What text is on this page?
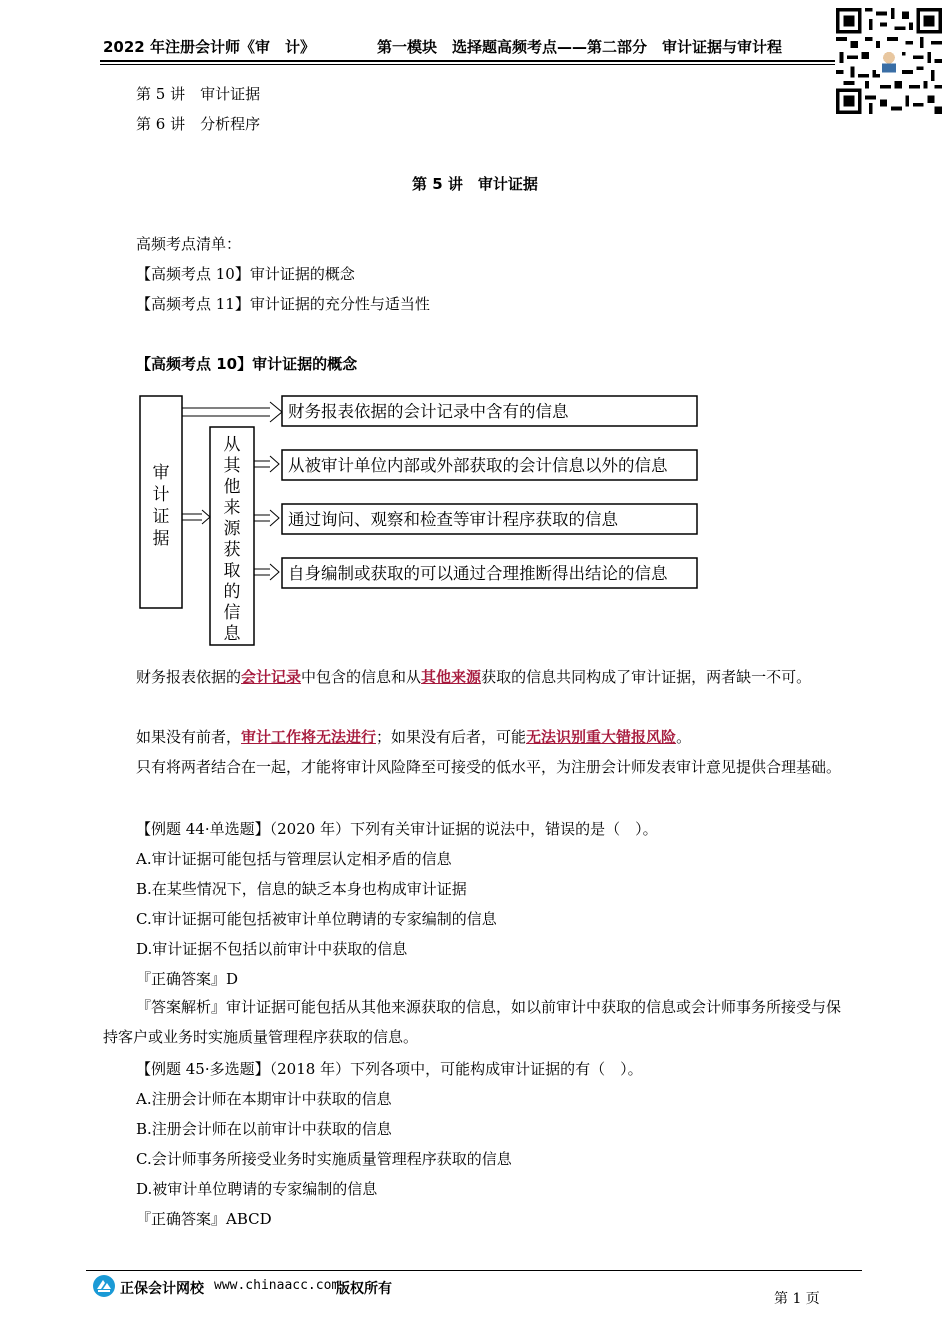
2022 年注册会计师《审　计》	第一模块　选择题高频考点——第二部分　审计证据与审计程
第 5 讲　审计证据
第 6 讲　分析程序
第 5 讲　审计证据
高频考点清单：
【高频考点 10】审计证据的概念
【高频考点 11】审计证据的充分性与适当性
【高频考点 10】审计证据的概念
审
计
证
据
从
其
他
来
源
获
取
的
信
息
财务报表依据的会计记录中含有的信息
从被审计单位内部或外部获取的会计信息以外的信息
通过询问、观察和检查等审计程序获取的信息
自身编制或获取的可以通过合理推断得出结论的信息
财务报表依据的会计记录中包含的信息和从其他来源获取的信息共同构成了审计证据，两者缺一不可。
如果没有前者，审计工作将无法进行；如果没有后者，可能无法识别重大错报风险。
只有将两者结合在一起，才能将审计风险降至可接受的低水平，为注册会计师发表审计意见提供合理基础。
【例题 44·单选题】（2020 年）下列有关审计证据的说法中，错误的是（　）。
A.审计证据可能包括与管理层认定相矛盾的信息
B.在某些情况下，信息的缺乏本身也构成审计证据
C.审计证据可能包括被审计单位聘请的专家编制的信息
D.审计证据不包括以前审计中获取的信息
『正确答案』D
『答案解析』审计证据可能包括从其他来源获取的信息，如以前审计中获取的信息或会计师事务所接受与保持客户或业务时实施质量管理程序获取的信息。
【例题 45·多选题】（2018 年）下列各项中，可能构成审计证据的有（　）。
A.注册会计师在本期审计中获取的信息
B.注册会计师在以前审计中获取的信息
C.会计师事务所接受业务时实施质量管理程序获取的信息
D.被审计单位聘请的专家编制的信息
『正确答案』ABCD
正保会计网校 www.chinaacc.com
版权所有
第 1 页
